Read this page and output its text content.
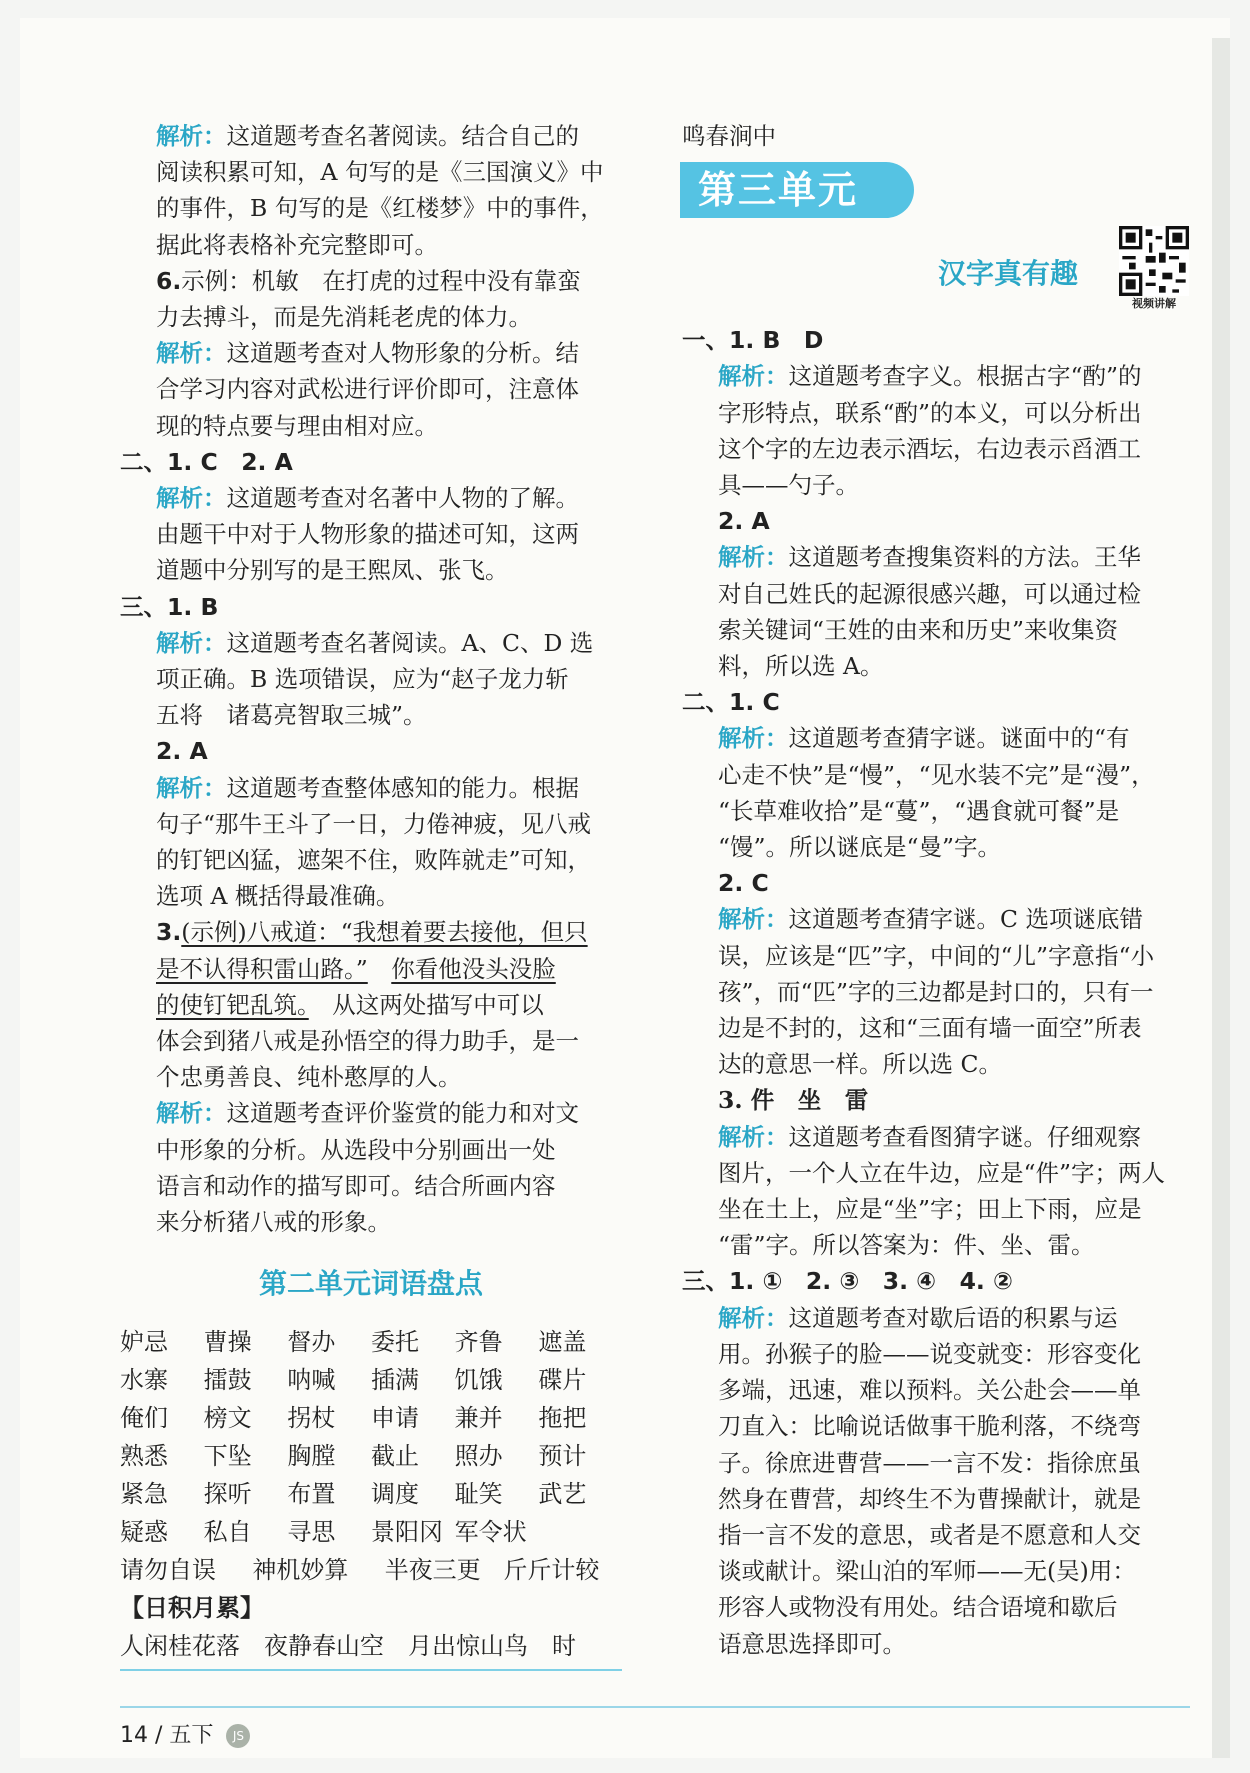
解析：这道题考查名著阅读。结合自己的
阅读积累可知，A 句写的是《三国演义》中
的事件，B 句写的是《红楼梦》中的事件，
据此将表格补充完整即可。
6.示例：机敏　在打虎的过程中没有靠蛮
力去搏斗，而是先消耗老虎的体力。
解析：这道题考查对人物形象的分析。结
合学习内容对武松进行评价即可，注意体
现的特点要与理由相对应。
二、1. C　2. A
解析：这道题考查对名著中人物的了解。
由题干中对于人物形象的描述可知，这两
道题中分别写的是王熙凤、张飞。
三、1. B
解析：这道题考查名著阅读。A、C、D 选
项正确。B 选项错误，应为“赵子龙力斩
五将　诸葛亮智取三城”。
2. A
解析：这道题考查整体感知的能力。根据
句子“那牛王斗了一日，力倦神疲，见八戒
的钉钯凶猛，遮架不住，败阵就走”可知，
选项 A 概括得最准确。
3.(示例)八戒道：“我想着要去接他，但只
是不认得积雷山路。”　 你看他没头没脸
的使钉钯乱筑。　 从这两处描写中可以
体会到猪八戒是孙悟空的得力助手，是一
个忠勇善良、纯朴憨厚的人。
解析：这道题考查评价鉴赏的能力和对文
中形象的分析。从选段中分别画出一处
语言和动作的描写即可。结合所画内容
来分析猪八戒的形象。
第二单元词语盘点
妒忌	曹操	督办	委托	齐鲁	遮盖
水寨	擂鼓	呐喊	插满	饥饿	碟片
俺们	榜文	拐杖	申请	兼并	拖把
熟悉	下坠	胸膛	截止	照办	预计
紧急	探听	布置	调度	耻笑	武艺
疑惑	私自	寻思	景阳冈 军令状
请勿自误	神机妙算	半夜三更 斤斤计较
【日积月累】
人闲桂花落　 夜静春山空　 月出惊山鸟　 时
鸣春涧中
第三单元
汉字真有趣
视频讲解
一、1. B　D
解析：这道题考查字义。根据古字“酌”的
字形特点，联系“酌”的本义，可以分析出
这个字的左边表示酒坛，右边表示舀酒工
具——勺子。
2. A
解析：这道题考查搜集资料的方法。王华
对自己姓氏的起源很感兴趣，可以通过检
索关键词“王姓的由来和历史”来收集资
料，所以选 A。
二、1. C
解析：这道题考查猜字谜。谜面中的“有
心走不快”是“慢”，“见水装不完”是“漫”，
“长草难收拾”是“蔓”，“遇食就可餐”是
“馒”。所以谜底是“曼”字。
2. C
解析：这道题考查猜字谜。C 选项谜底错
误，应该是“匹”字，中间的“儿”字意指“小
孩”，而“匹”字的三边都是封口的，只有一
边是不封的，这和“三面有墙一面空”所表
达的意思一样。所以选 C。
3. 件　坐　雷
解析：这道题考查看图猜字谜。仔细观察
图片，一个人立在牛边，应是“件”字；两人
坐在土上，应是“坐”字；田上下雨，应是
“雷”字。所以答案为：件、坐、雷。
三、1. ①　2. ③　3. ④　4. ②
解析：这道题考查对歇后语的积累与运
用。孙猴子的脸——说变就变：形容变化
多端，迅速，难以预料。关公赴会——单
刀直入：比喻说话做事干脆利落，不绕弯
子。徐庶进曹营——一言不发：指徐庶虽
然身在曹营，却终生不为曹操献计，就是
指一言不发的意思，或者是不愿意和人交
谈或献计。梁山泊的军师——无(吴)用：
形容人或物没有用处。结合语境和歇后
语意思选择即可。
14 / 五下 JS
